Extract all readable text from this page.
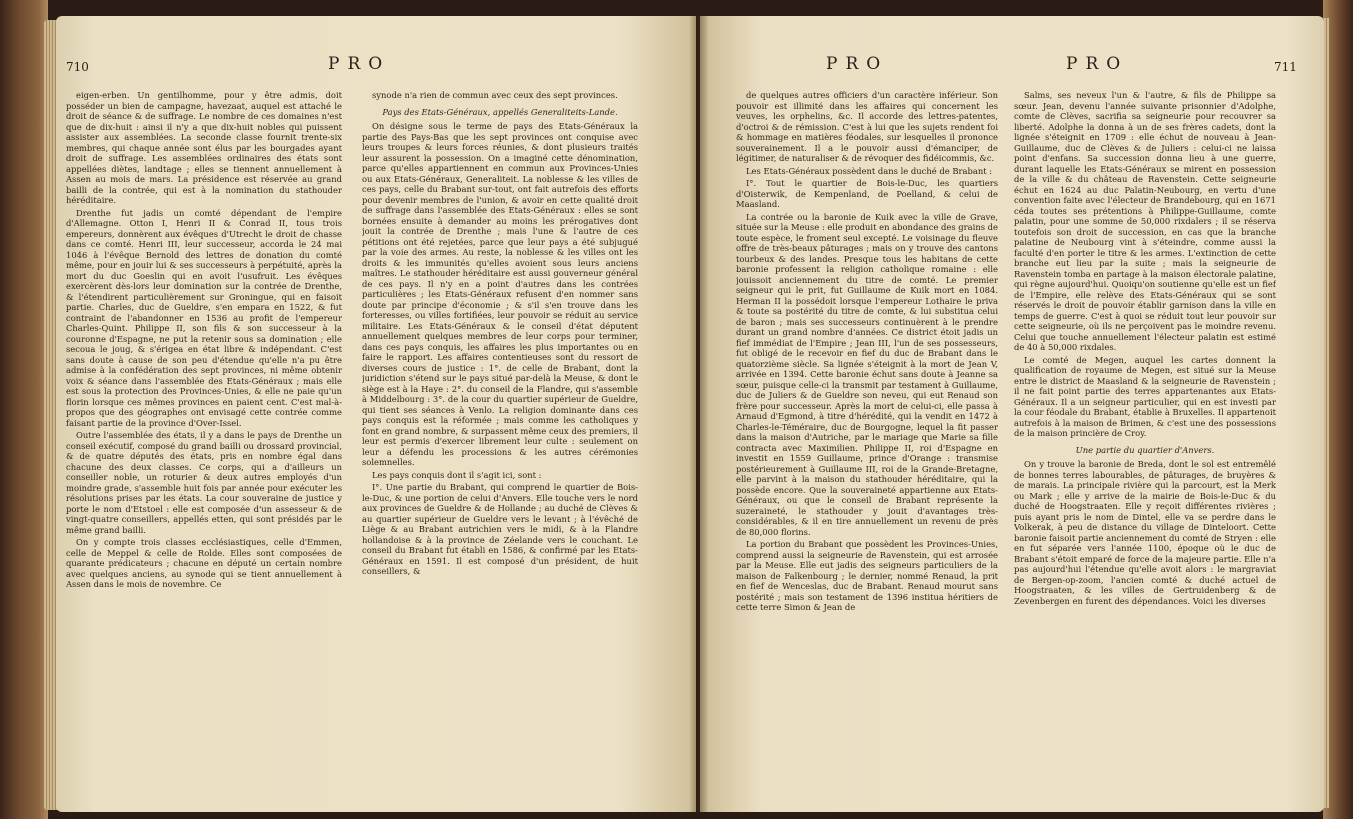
710	PRO

eigen-erben. Un gentilhomme, pour y être admis, doit posséder un bien de campagne, havezaat, auquel est attaché le droit de séance & de suffrage. Le nombre de ces domaines n'est que de dix-huit : ainsi il n'y a que dix-huit nobles qui puissent assister aux assemblées. La seconde classe fournit trente-six membres, qui chaque année sont élus par les bourgades ayant droit de suffrage. Les assemblées ordinaires des états sont appellées diètes, landtage ; elles se tiennent annuellement à Assen au mois de mars. La présidence est réservée au grand bailli de la contrée, qui est à la nomination du stathouder héréditaire.

Drenthe fut jadis un comté dépendant de l'empire d'Allemagne. Otton I, Henri II & Conrad II, tous trois empereurs, donnèrent aux évêques d'Utrecht le droit de chasse dans ce comté. Henri III, leur successeur, accorda le 24 mai 1046 à l'évêque Bernold des lettres de donation du comté même, pour en jouir lui & ses successeurs à perpétuité, après la mort du duc Goeslin qui en avoit l'usufruit. Les évêques exercèrent dès-lors leur domination sur la contrée de Drenthe, & l'étendirent particulièrement sur Groningue, qui en faisoit partie. Charles, duc de Gueldre, s'en empara en 1522, & fut contraint de l'abandonner en 1536 au profit de l'empereur Charles-Quint. Philippe II, son fils & son successeur à la couronne d'Espagne, ne put la retenir sous sa domination ; elle secoua le joug, & s'érigea en état libre & indépendant. C'est sans doute à cause de son peu d'étendue qu'elle n'a pu être admise à la confédération des sept provinces, ni même obtenir voix & séance dans l'assemblée des Etats-Généraux ; mais elle est sous la protection des Provinces-Unies, & elle ne paie qu'un florin lorsque ces mêmes provinces en paient cent. C'est mal-à-propos que des géographes ont envisagé cette contrée comme faisant partie de la province d'Over-Issel.

Outre l'assemblée des états, il y a dans le pays de Drenthe un conseil exécutif, composé du grand bailli ou drossard provincial, & de quatre députés des états, pris en nombre égal dans chacune des deux classes. Ce corps, qui a d'ailleurs un conseiller noble, un roturier & deux autres employés d'un moindre grade, s'assemble huit fois par année pour exécuter les résolutions prises par les états. La cour souveraine de justice y porte le nom d'Etstoel : elle est composée d'un assesseur & de vingt-quatre conseillers, appellés etten, qui sont présidés par le même grand bailli.

On y compte trois classes ecclésiastiques, celle d'Emmen, celle de Meppel & celle de Rolde. Elles sont composées de quarante prédicateurs ; chacune en député un certain nombre avec quelques anciens, au synode qui se tient annuellement à Assen dans le mois de novembre. Ce

synode n'a rien de commun avec ceux des sept provinces.

Pays des Etats-Généraux, appellés Generaliteits-Lande.

On désigne sous le terme de pays des Etats-Généraux la partie des Pays-Bas que les sept provinces ont conquise avec leurs troupes & leurs forces réunies, & dont plusieurs traités leur assurent la possession. On a imaginé cette dénomination, parce qu'elles appartiennent en commun aux Provinces-Unies ou aux Etats-Généraux, Generaliteit. La noblesse & les villes de ces pays, celle du Brabant sur-tout, ont fait autrefois des efforts pour devenir membres de l'union, & avoir en cette qualité droit de suffrage dans l'assemblée des Etats-Généraux : elles se sont bornées ensuite à demander au moins les prérogatives dont jouit la contrée de Drenthe ; mais l'une & l'autre de ces pétitions ont été rejetées, parce que leur pays a été subjugué par la voie des armes. Au reste, la noblesse & les villes ont les droits & les immunités qu'elles avoient sous leurs anciens maîtres. Le stathouder héréditaire est aussi gouverneur général de ces pays. Il n'y en a point d'autres dans les contrées particulières ; les Etats-Généraux refusent d'en nommer sans doute par principe d'économie ; & s'il s'en trouve dans les forteresses, ou villes fortifiées, leur pouvoir se réduit au service militaire. Les Etats-Généraux & le conseil d'état députent annuellement quelques membres de leur corps pour terminer, dans ces pays conquis, les affaires les plus importantes ou en faire le rapport. Les affaires contentieuses sont du ressort de diverses cours de justice : 1°. de celle de Brabant, dont la juridiction s'étend sur le pays situé par-delà la Meuse, & dont le siège est à la Haye : 2°. du conseil de la Flandre, qui s'assemble à Middelbourg : 3°. de la cour du quartier supérieur de Gueldre, qui tient ses séances à Venlo. La religion dominante dans ces pays conquis est la réformée ; mais comme les catholiques y font en grand nombre, & surpassent même ceux des premiers, il leur est permis d'exercer librement leur culte : seulement on leur a défendu les processions & les autres cérémonies solemnelles.

Les pays conquis dont il s'agit ici, sont :

I°. Une partie du Brabant, qui comprend le quartier de Bois-le-Duc, & une portion de celui d'Anvers. Elle touche vers le nord aux provinces de Gueldre & de Hollande ; au duché de Clèves & au quartier supérieur de Gueldre vers le levant ; à l'évêché de Liège & au Brabant autrichien vers le midi, & à la Flandre hollandoise & à la province de Zéelande vers le couchant. Le conseil du Brabant fut établi en 1586, & confirmé par les Etats-Généraux en 1591. Il est composé d'un président, de huit conseillers, &

PRO	PRO	711

de quelques autres officiers d'un caractère inférieur. Son pouvoir est illimité dans les affaires qui concernent les veuves, les orphelins, &c. Il accorde des lettres-patentes, d'octroi & de rémission. C'est à lui que les sujets rendent foi & hommage en matières féodales, sur lesquelles il prononce souverainement. Il a le pouvoir aussi d'émanciper, de légitimer, de naturaliser & de révoquer des fidéicommis, &c.

Les Etats-Généraux possèdent dans le duché de Brabant :

I°. Tout le quartier de Bois-le-Duc, les quartiers d'Oisterwik, de Kempenland, de Poelland, & celui de Maasland.

La contrée ou la baronie de Kuik avec la ville de Grave, située sur la Meuse : elle produit en abondance des grains de toute espèce, le froment seul excepté. Le voisinage du fleuve offre de très-beaux pâturages ; mais on y trouve des cantons tourbeux & des landes. Presque tous les habitans de cette baronie professent la religion catholique romaine : elle jouissoit anciennement du titre de comté. Le premier seigneur qui le prit, fut Guillaume de Kuik mort en 1084. Herman II la possédoit lorsque l'empereur Lothaire le priva & toute sa postérité du titre de comte, & lui substitua celui de baron ; mais ses successeurs continuèrent à le prendre durant un grand nombre d'années. Ce district étoit jadis un fief immédiat de l'Empire ; Jean III, l'un de ses possesseurs, fut obligé de le recevoir en fief du duc de Brabant dans le quatorzième siècle. Sa lignée s'éteignit à la mort de Jean V, arrivée en 1394. Cette baronie échut sans doute à Jeanne sa sœur, puisque celle-ci la transmit par testament à Guillaume, duc de Juliers & de Gueldre son neveu, qui eut Renaud son frère pour successeur. Après la mort de celui-ci, elle passa à Arnaud d'Egmond, à titre d'hérédité, qui la vendit en 1472 à Charles-le-Téméraire, duc de Bourgogne, lequel la fit passer dans la maison d'Autriche, par le mariage que Marie sa fille contracta avec Maximilien. Philippe II, roi d'Espagne en investit en 1559 Guillaume, prince d'Orange : transmise postérieurement à Guillaume III, roi de la Grande-Bretagne, elle parvint à la maison du stathouder héréditaire, qui la possède encore. Que la souveraineté appartienne aux Etats-Généraux, ou que le conseil de Brabant représente la suzeraineté, le stathouder y jouit d'avantages très-considérables, & il en tire annuellement un revenu de près de 80,000 florins.

La portion du Brabant que possèdent les Provinces-Unies, comprend aussi la seigneurie de Ravenstein, qui est arrosée par la Meuse. Elle eut jadis des seigneurs particuliers de la maison de Falkenbourg ; le dernier, nommé Renaud, la prit en fief de Wenceslas, duc de Brabant. Renaud mourut sans postérité ; mais son testament de 1396 institua héritiers de cette terre Simon & Jean de

Salms, ses neveux l'un & l'autre, & fils de Philippe sa sœur. Jean, devenu l'année suivante prisonnier d'Adolphe, comte de Clèves, sacrifia sa seigneurie pour recouvrer sa liberté. Adolphe la donna à un de ses frères cadets, dont la lignée s'éteignit en 1709 : elle échut de nouveau à Jean-Guillaume, duc de Clèves & de Juliers : celui-ci ne laissa point d'enfans. Sa succession donna lieu à une guerre, durant laquelle les Etats-Généraux se mirent en possession de la ville & du château de Ravenstein. Cette seigneurie échut en 1624 au duc Palatin-Neubourg, en vertu d'une convention faite avec l'électeur de Brandebourg, qui en 1671 céda toutes ses prétentions à Philippe-Guillaume, comte palatin, pour une somme de 50,000 rixdalers ; il se réserva toutefois son droit de succession, en cas que la branche palatine de Neubourg vint à s'éteindre, comme aussi la faculté d'en porter le titre & les armes. L'extinction de cette branche eut lieu par la suite ; mais la seigneurie de Ravenstein tomba en partage à la maison électorale palatine, qui règne aujourd'hui. Quoiqu'on soutienne qu'elle est un fief de l'Empire, elle relève des Etats-Généraux qui se sont réservés le droit de pouvoir établir garnison dans la ville en temps de guerre. C'est à quoi se réduit tout leur pouvoir sur cette seigneurie, où ils ne perçoivent pas le moindre revenu. Celui que touche annuellement l'électeur palatin est estimé de 40 à 50,000 rixdales.

Le comté de Megen, auquel les cartes donnent la qualification de royaume de Megen, est situé sur la Meuse entre le district de Maasland & la seigneurie de Ravenstein ; il ne fait point partie des terres appartenantes aux Etats-Généraux. Il a un seigneur particulier, qui en est investi par la cour féodale du Brabant, établie à Bruxelles. Il appartenoit autrefois à la maison de Brimen, & c'est une des possessions de la maison princière de Croy.

Une partie du quartier d'Anvers.

On y trouve la baronie de Breda, dont le sol est entremêlé de bonnes terres labourables, de pâturages, de bruyères & de marais. La principale rivière qui la parcourt, est la Merk ou Mark ; elle y arrive de la mairie de Bois-le-Duc & du duché de Hoogstraaten. Elle y reçoit différentes rivières ; puis ayant pris le nom de Dintel, elle va se perdre dans le Volkerak, à peu de distance du village de Dinteloort. Cette baronie faisoit partie anciennement du comté de Stryen : elle en fut séparée vers l'année 1100, époque où le duc de Brabant s'étoit emparé de force de la majeure partie. Elle n'a pas aujourd'hui l'étendue qu'elle avoit alors : le margraviat de Bergen-op-zoom, l'ancien comté & duché actuel de Hoogstraaten, & les villes de Gertruidenberg & de Zevenbergen en furent des dépendances. Voici les diverses
